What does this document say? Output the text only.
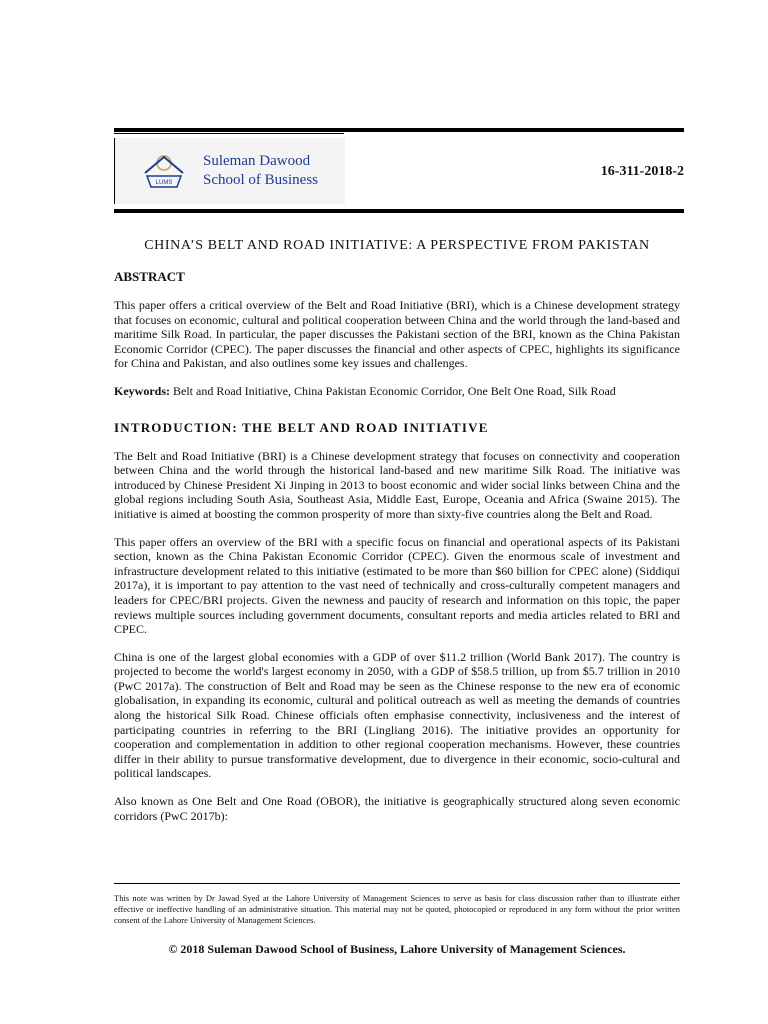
LUMS
Suleman Dawood
School of Business
16-311-2018-2
CHINA’S BELT AND ROAD INITIATIVE: A PERSPECTIVE FROM PAKISTAN
ABSTRACT

This paper offers a critical overview of the Belt and Road Initiative (BRI), which is a Chinese development strategy that focuses on economic, cultural and political cooperation between China and the world through the land-based and maritime Silk Road. In particular, the paper discusses the Pakistani section of the BRI, known as the China Pakistan Economic Corridor (CPEC). The paper discusses the financial and other aspects of CPEC, highlights its significance for China and Pakistan, and also outlines some key issues and challenges.

Keywords: Belt and Road Initiative, China Pakistan Economic Corridor, One Belt One Road, Silk Road

INTRODUCTION: THE BELT AND ROAD INITIATIVE

The Belt and Road Initiative (BRI) is a Chinese development strategy that focuses on connectivity and cooperation between China and the world through the historical land-based and new maritime Silk Road. The initiative was introduced by Chinese President Xi Jinping in 2013 to boost economic and wider social links between China and the global regions including South Asia, Southeast Asia, Middle East, Europe, Oceania and Africa (Swaine 2015). The initiative is aimed at boosting the common prosperity of more than sixty-five countries along the Belt and Road.

This paper offers an overview of the BRI with a specific focus on financial and operational aspects of its Pakistani section, known as the China Pakistan Economic Corridor (CPEC). Given the enormous scale of investment and infrastructure development related to this initiative (estimated to be more than $60 billion for CPEC alone) (Siddiqui 2017a), it is important to pay attention to the vast need of technically and cross-culturally competent managers and leaders for CPEC/BRI projects. Given the newness and paucity of research and information on this topic, the paper reviews multiple sources including government documents, consultant reports and media articles related to BRI and CPEC.

China is one of the largest global economies with a GDP of over $11.2 trillion (World Bank 2017). The country is projected to become the world's largest economy in 2050, with a GDP of $58.5 trillion, up from $5.7 trillion in 2010 (PwC 2017a). The construction of Belt and Road may be seen as the Chinese response to the new era of economic globalisation, in expanding its economic, cultural and political outreach as well as meeting the demands of countries along the historical Silk Road. Chinese officials often emphasise connectivity, inclusiveness and the interest of participating countries in referring to the BRI (Lingliang 2016). The initiative provides an opportunity for cooperation and complementation in addition to other regional cooperation mechanisms. However, these countries differ in their ability to pursue transformative development, due to divergence in their economic, socio-cultural and political landscapes.

Also known as One Belt and One Road (OBOR), the initiative is geographically structured along seven economic corridors (PwC 2017b):

This note was written by Dr Jawad Syed at the Lahore University of Management Sciences to serve as basis for class discussion rather than to illustrate either effective or ineffective handling of an administrative situation. This material may not be quoted, photocopied or reproduced in any form without the prior written consent of the Lahore University of Management Sciences.
© 2018 Suleman Dawood School of Business, Lahore University of Management Sciences.
